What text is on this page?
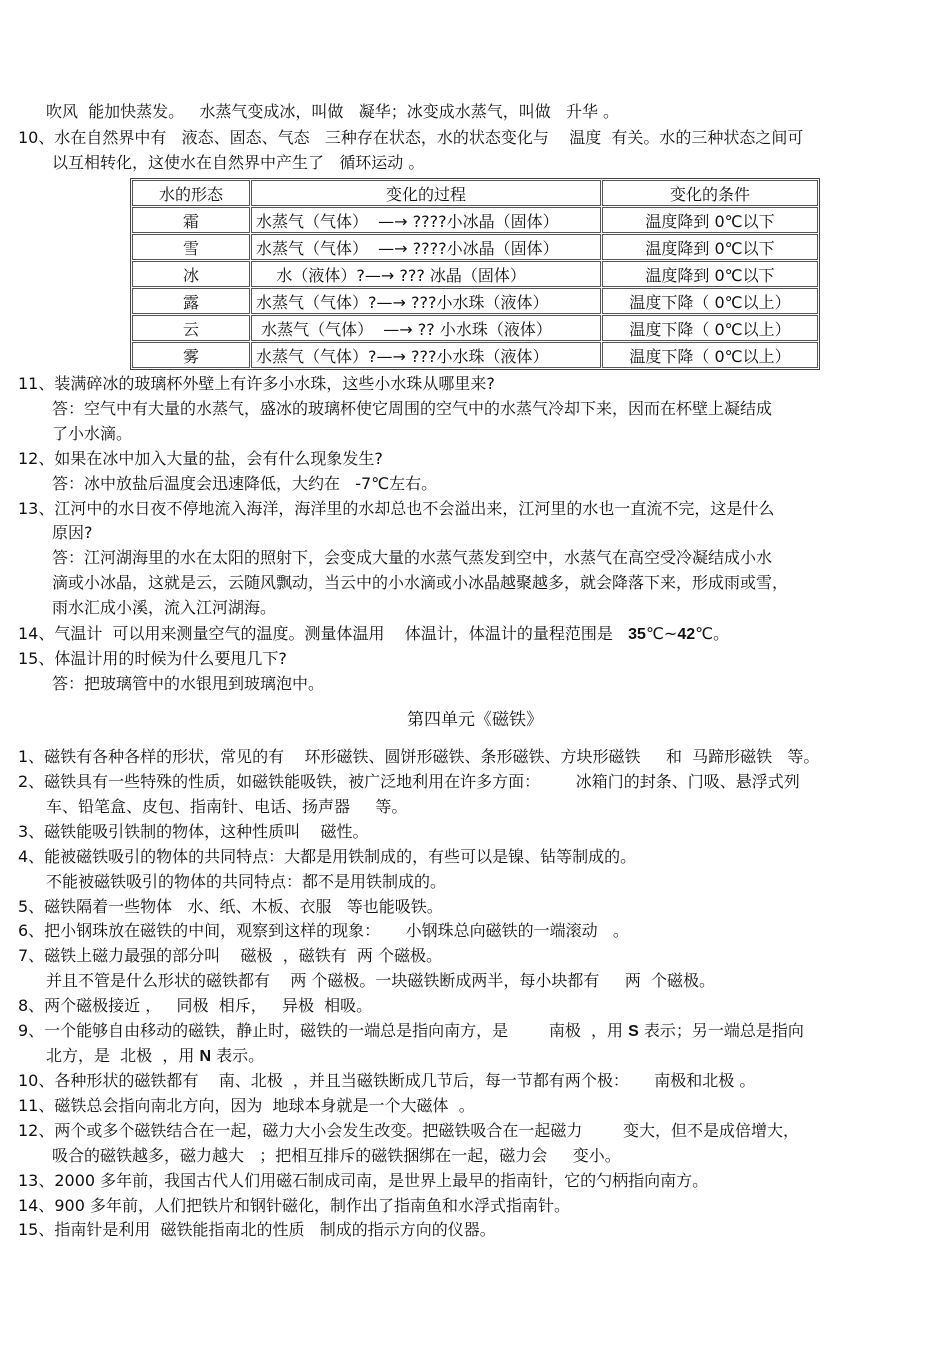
吹风  能加快蒸发。   水蒸气变成冰，叫做   凝华；冰变成水蒸气，叫做   升华 。
10、水在自然界中有   液态、固态、气态   三种存在状态，水的状态变化与    温度  有关。水的三种状态之间可
以互相转化，这使水在自然界中产生了   循环运动 。
水的形态	变化的过程	变化的条件
霜	水蒸气（气体）  —→ ????小冰晶（固体）	温度降到 0℃以下
雪	水蒸气（气体）  —→ ????小冰晶（固体）	温度降到 0℃以下
冰	水（液体）?—→ ??? 冰晶（固体）	温度降到 0℃以下
露	水蒸气（气体）?—→ ???小水珠（液体）	温度下降（ 0℃以上）
云	水蒸气（气体）  —→ ?? 小水珠（液体）	温度下降（ 0℃以上）
雾	水蒸气（气体）?—→ ???小水珠（液体）	温度下降（ 0℃以上）
11、装满碎冰的玻璃杯外壁上有许多小水珠，这些小水珠从哪里来?
答：空气中有大量的水蒸气，盛冰的玻璃杯使它周围的空气中的水蒸气冷却下来，因而在杯壁上凝结成
了小水滴。
12、如果在冰中加入大量的盐，会有什么现象发生?
答：冰中放盐后温度会迅速降低，大约在   -7℃左右。
13、江河中的水日夜不停地流入海洋，海洋里的水却总也不会溢出来，江河里的水也一直流不完，这是什么
原因?
答：江河湖海里的水在太阳的照射下，会变成大量的水蒸气蒸发到空中，水蒸气在高空受冷凝结成小水
滴或小冰晶，这就是云，云随风飘动，当云中的小水滴或小冰晶越聚越多，就会降落下来，形成雨或雪，
雨水汇成小溪，流入江河湖海。
14、气温计  可以用来测量空气的温度。测量体温用    体温计，体温计的量程范围是   35℃~42℃。
15、体温计用的时候为什么要甩几下?
答：把玻璃管中的水银甩到玻璃泡中。
第四单元《磁铁》
1、磁铁有各种各样的形状，常见的有    环形磁铁、圆饼形磁铁、条形磁铁、方块形磁铁     和  马蹄形磁铁   等。
2、磁铁具有一些特殊的性质，如磁铁能吸铁，被广泛地利用在许多方面：       冰箱门的封条、门吸、悬浮式列
车、铅笔盒、皮包、指南针、电话、扬声器     等。
3、磁铁能吸引铁制的物体，这种性质叫    磁性。
4、能被磁铁吸引的物体的共同特点：大都是用铁制成的，有些可以是镍、钻等制成的。
不能被磁铁吸引的物体的共同特点：都不是用铁制成的。
5、磁铁隔着一些物体   水、纸、木板、衣服   等也能吸铁。
6、把小钢珠放在磁铁的中间，观察到这样的现象：     小钢珠总向磁铁的一端滚动   。
7、磁铁上磁力最强的部分叫    磁极  ，磁铁有  两 个磁极。
并且不管是什么形状的磁铁都有    两 个磁极。一块磁铁断成两半，每小块都有     两  个磁极。
8、两个磁极接近 ，   同极  相斥，   异极  相吸。
9、一个能够自由移动的磁铁，静止时，磁铁的一端总是指向南方，是        南极  ，用 S 表示；另一端总是指向
北方，是  北极  ，用 N 表示。
10、各种形状的磁铁都有    南、北极  ，并且当磁铁断成几节后，每一节都有两个极：     南极和北极 。
11、磁铁总会指向南北方向，因为  地球本身就是一个大磁体  。
12、两个或多个磁铁结合在一起，磁力大小会发生改变。把磁铁吸合在一起磁力        变大，但不是成倍增大，
吸合的磁铁越多，磁力越大   ；把相互排斥的磁铁捆绑在一起，磁力会     变小。
13、2000 多年前，我国古代人们用磁石制成司南，是世界上最早的指南针，它的勺柄指向南方。
14、900 多年前，人们把铁片和钢针磁化，制作出了指南鱼和水浮式指南针。
15、指南针是利用  磁铁能指南北的性质   制成的指示方向的仪器。
